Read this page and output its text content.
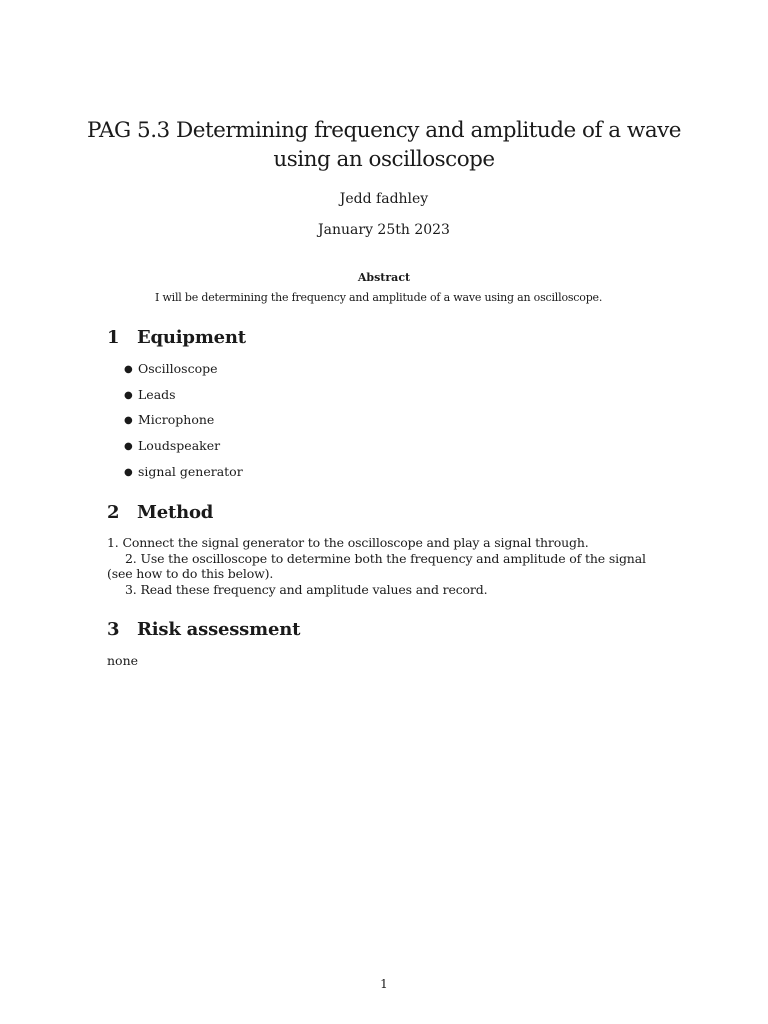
PAG 5.3 Determining frequency and amplitude of a wave using an oscilloscope
Jedd fadhley
January 25th 2023
Abstract
I will be determining the frequency and amplitude of a wave using an oscilloscope.
1 Equipment
● Oscilloscope
● Leads
● Microphone
● Loudspeaker
● signal generator
2 Method

1. Connect the signal generator to the oscilloscope and play a signal through.

2. Use the oscilloscope to determine both the frequency and amplitude of the signal (see how to do this below).

3. Read these frequency and amplitude values and record.

3 Risk assessment
none
1
